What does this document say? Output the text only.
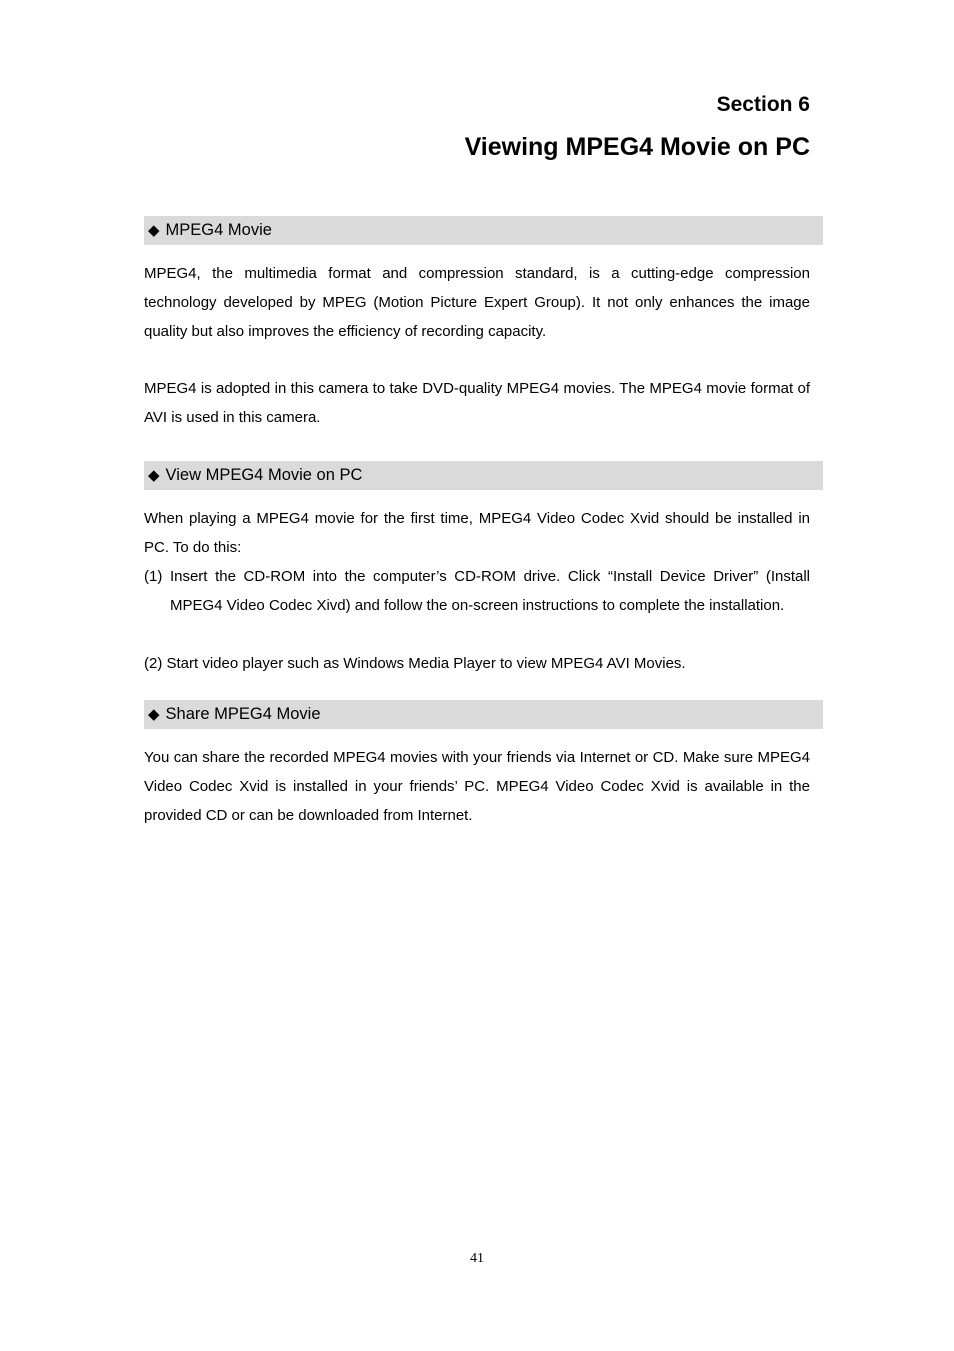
Section 6
Viewing MPEG4 Movie on PC
◆ MPEG4 Movie

MPEG4, the multimedia format and compression standard, is a cutting-edge compression technology developed by MPEG (Motion Picture Expert Group). It not only enhances the image quality but also improves the efficiency of recording capacity.

MPEG4 is adopted in this camera to take DVD-quality MPEG4 movies. The MPEG4 movie format of AVI is used in this camera.

◆ View MPEG4 Movie on PC

When playing a MPEG4 movie for the first time, MPEG4 Video Codec Xvid should be installed in PC. To do this:

(1) Insert the CD-ROM into the computer’s CD-ROM drive. Click “Install Device Driver” (Install MPEG4 Video Codec Xivd) and follow the on-screen instructions to complete the installation.

(2) Start video player such as Windows Media Player to view MPEG4 AVI Movies.

◆ Share MPEG4 Movie

You can share the recorded MPEG4 movies with your friends via Internet or CD. Make sure MPEG4 Video Codec Xvid is installed in your friends’ PC. MPEG4 Video Codec Xvid is available in the provided CD or can be downloaded from Internet.

41
